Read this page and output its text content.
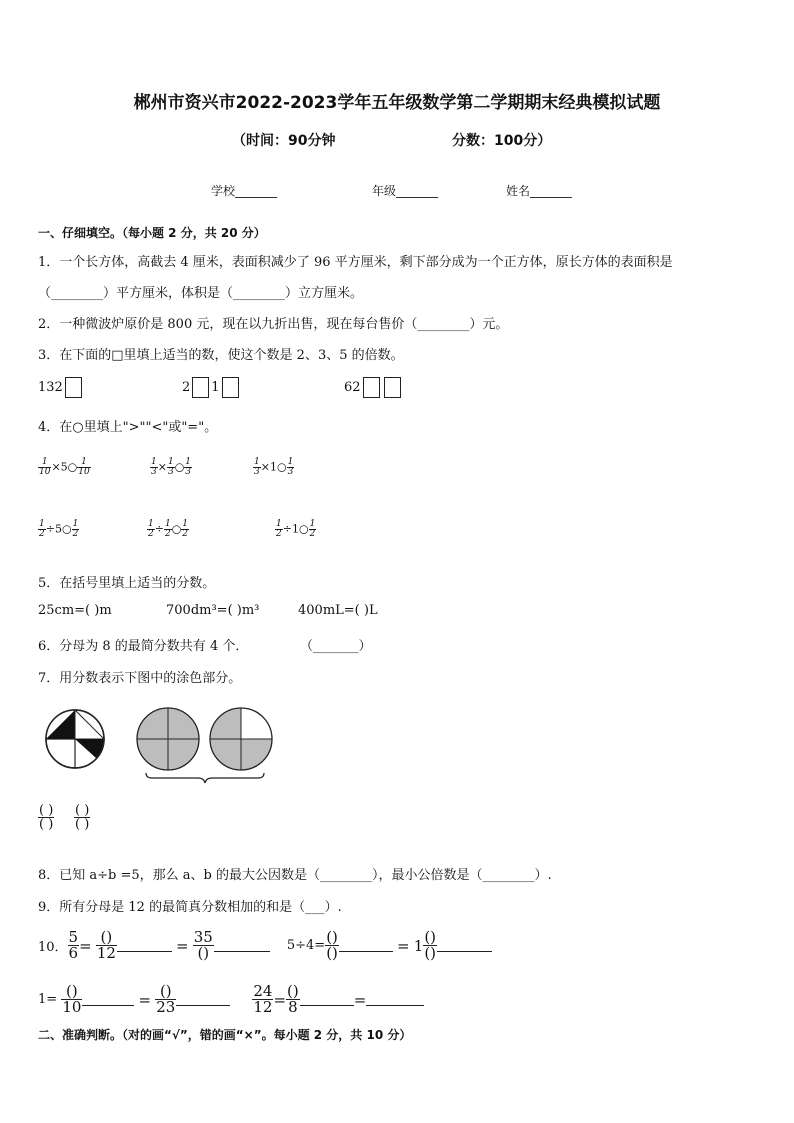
郴州市资兴市2022-2023学年五年级数学第二学期期末经典模拟试题
（时间：90分钟	分数：100分）
学校_______	年级_______	姓名_______
一、仔细填空。（每小题 2 分，共 20 分）
1．一个长方体，高截去 4 厘米，表面积减少了 96 平方厘米，剩下部分成为一个正方体，原长方体的表面积是
（________）平方厘米，体积是（________）立方厘米。
2．一种微波炉原价是 800 元，现在以九折出售，现在每台售价（________）元。
3．在下面的□里填上适当的数，使这个数是 2、3、5 的倍数。
132	2 1	62
4．在○里填上">""<"或"="。
$\frac{1}{10}$ ×5○ $\frac{1}{10}$	$\frac{1}{3} \times \frac{1}{3}$ ○ $\frac{1}{3}$	$\frac{1}{3}$ ×1○ $\frac{1}{3}$
$\frac{1}{2}$ ÷5○ $\frac{1}{2}$	$\frac{1}{2} \div \frac{1}{2}$ ○ $\frac{1}{2}$	$\frac{1}{2}$ ÷1○ $\frac{1}{2}$
5．在括号里填上适当的分数。
25cm=( )m	700dm³=( )m³	400mL=( )L
6．分母为 8 的最简分数共有 4 个．	（_______）
7．用分数表示下图中的涂色部分。
$\frac{( )}{( )} \frac{( )}{( )}$
8．已知 a÷b =5，那么 a、b 的最大公因数是（________），最小公倍数是（________）.
9．所有分母是 12 的最简真分数相加的和是（___）.
10． $\frac{5}{6}$ =
$\frac{()}{12}$
	=
$\frac{35}{()}$	$5\div 4= \frac{()}{()}$
	=
$1 \frac{()}{()}$
1=
$\frac{()}{10}$
	=
$\frac{()}{23}$	$\frac{24}{12} = \frac{()}{8}$	=
二、准确判断。（对的画“√”，错的画“×”。每小题 2 分，共 10 分）
